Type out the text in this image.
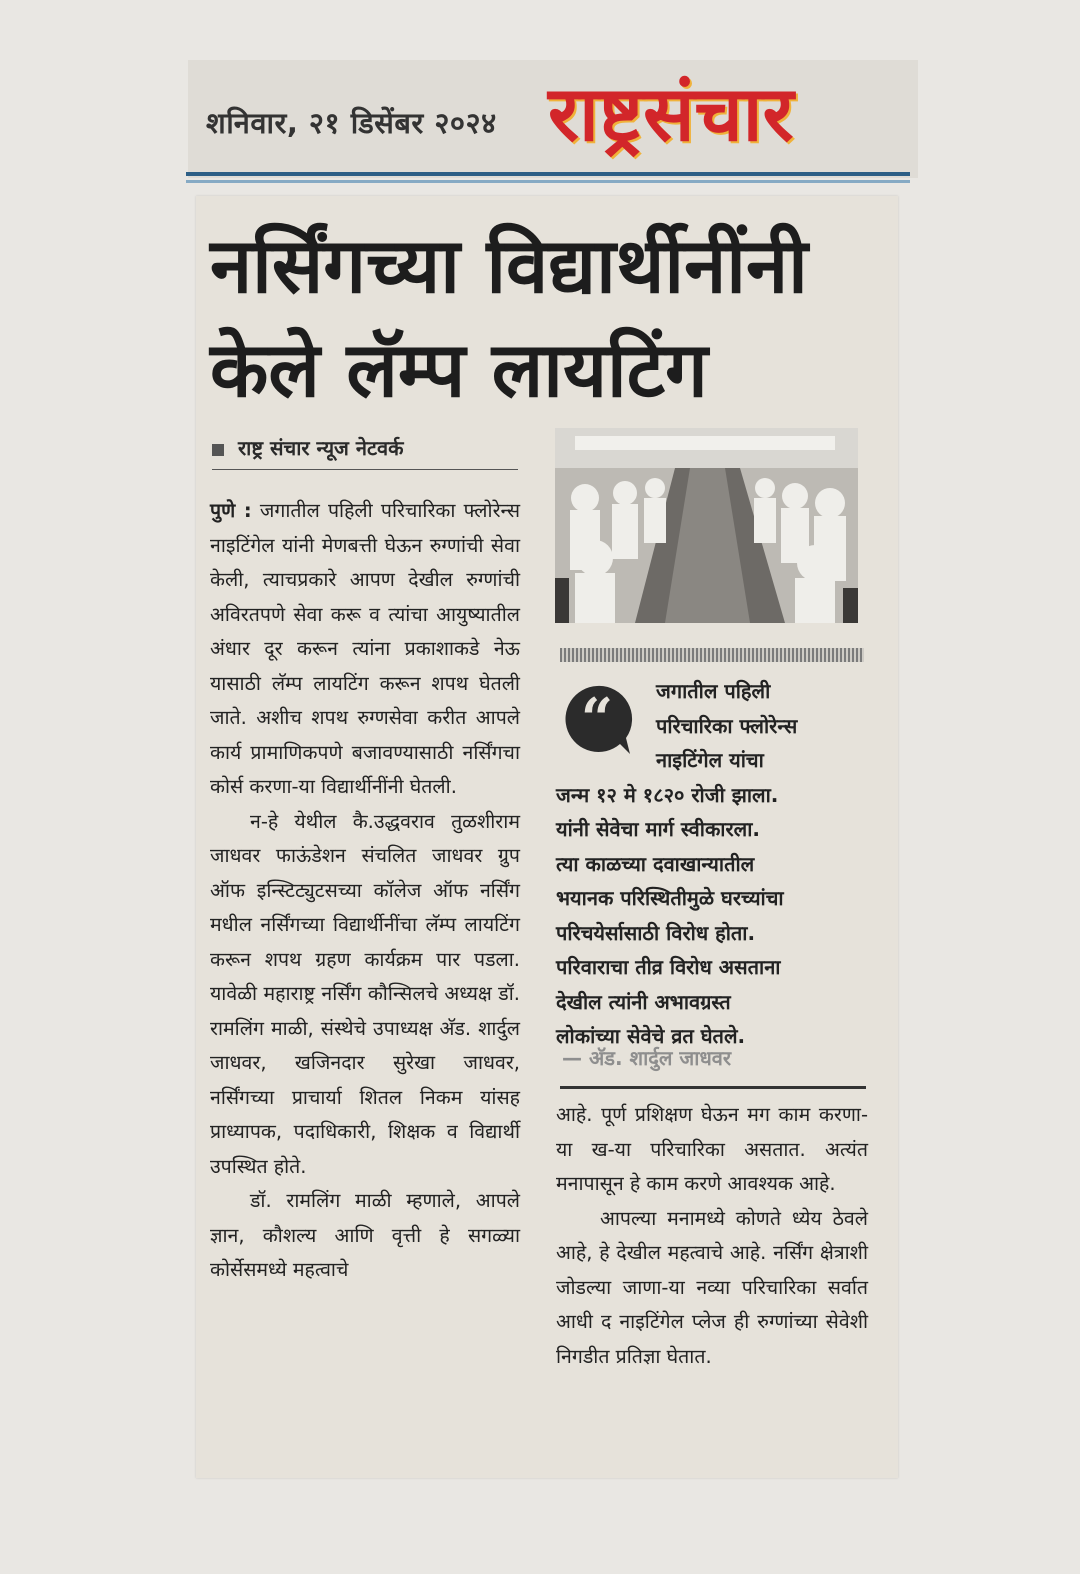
शनिवार, २१ डिसेंबर २०२४ राष्ट्रसंचार
नर्सिंगच्या विद्यार्थीनींनी
केले लॅम्प लायटिंग
राष्ट्र संचार न्यूज नेटवर्क

पुणे : जगातील पहिली परिचारिका फ्लोरेन्स नाइटिंगेल यांनी मेणबत्ती घेऊन रुग्णांची सेवा केली, त्याचप्रकारे आपण देखील रुग्णांची अविरतपणे सेवा करू व त्यांचा आयुष्यातील अंधार दूर करून त्यांना प्रकाशाकडे नेऊ यासाठी लॅम्प लायटिंग करून शपथ घेतली जाते. अशीच शपथ रुग्णसेवा करीत आपले कार्य प्रामाणिकपणे बजावण्यासाठी नर्सिंगचा कोर्स करणा-या विद्यार्थीनींनी घेतली.

न-हे येथील कै.उद्धवराव तुळशीराम जाधवर फाऊंडेशन संचलित जाधवर ग्रुप ऑफ इन्स्टिट्युटसच्या कॉलेज ऑफ नर्सिंग मधील नर्सिंगच्या विद्यार्थीनींचा लॅम्प लायटिंग करून शपथ ग्रहण कार्यक्रम पार पडला. यावेळी महाराष्ट्र नर्सिंग कौन्सिलचे अध्यक्ष डॉ. रामलिंग माळी, संस्थेचे उपाध्यक्ष अ‍ॅड. शार्दुल जाधवर, खजिनदार सुरेखा जाधवर, नर्सिंगच्या प्राचार्या शितल निकम यांसह प्राध्यापक, पदाधिकारी, शिक्षक व विद्यार्थी उपस्थित होते.

डॉ. रामलिंग माळी म्हणाले, आपले ज्ञान, कौशल्य आणि वृत्ती हे सगळ्या कोर्सेसमध्ये महत्वाचे

“	जगातील पहिली
परिचारिका फ्लोरेन्स
नाइटिंगेल यांचा
जन्म १२ मे १८२० रोजी झाला.
यांनी सेवेचा मार्ग स्वीकारला.
त्या काळच्या दवाखान्यातील
भयानक परिस्थितीमुळे घरच्यांचा
परिचयेर्सासाठी विरोध होता.
परिवाराचा तीव्र विरोध असताना
देखील त्यांनी अभावग्रस्त
लोकांच्या सेवेचे व्रत घेतले.
— अ‍ॅड. शार्दुल जाधवर

आहे. पूर्ण प्रशिक्षण घेऊन मग काम करणा-या ख-या परिचारिका असतात. अत्यंत मनापासून हे काम करणे आवश्यक आहे.

आपल्या मनामध्ये कोणते ध्येय ठेवले आहे, हे देखील महत्वाचे आहे. नर्सिंग क्षेत्राशी जोडल्या जाणा-या नव्या परिचारिका सर्वात आधी द नाइटिंगेल प्लेज ही रुग्णांच्या सेवेशी निगडीत प्रतिज्ञा घेतात.
